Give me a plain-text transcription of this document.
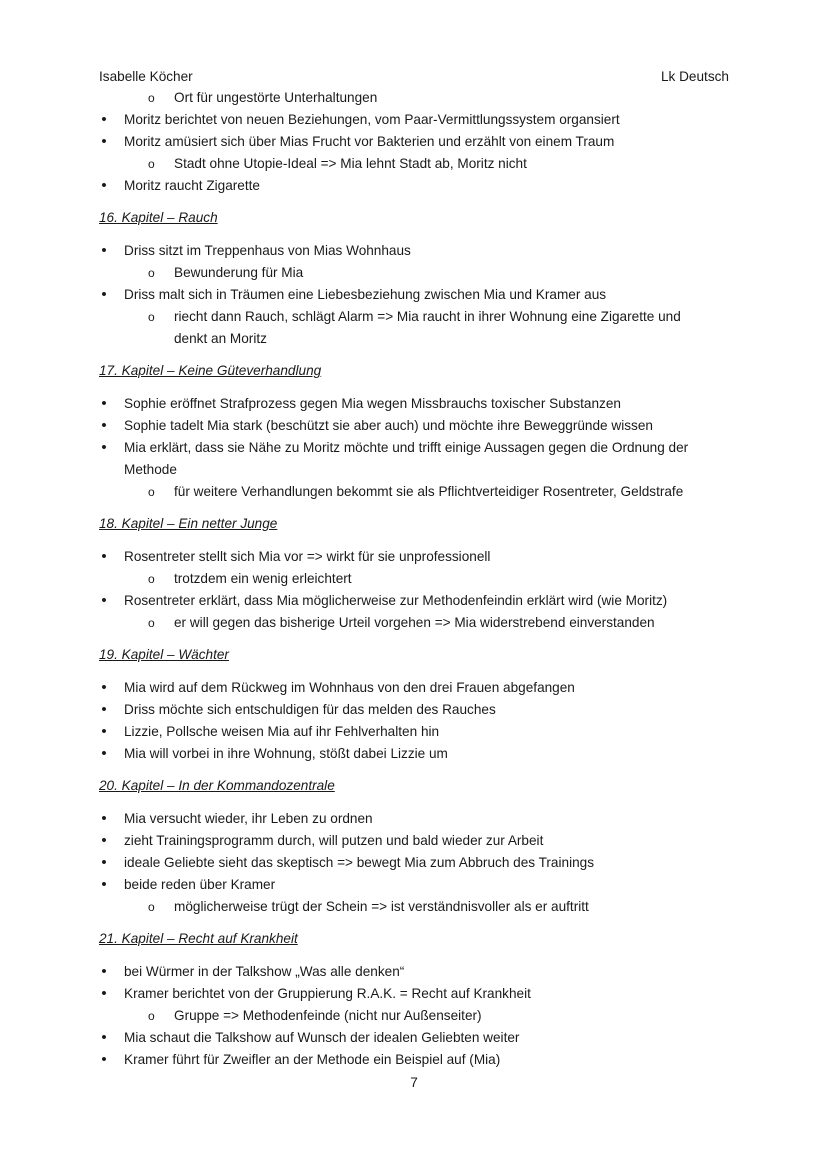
Isabelle Köcher	Lk Deutsch
o
Ort für ungestörte Unterhaltungen
•
Moritz berichtet von neuen Beziehungen, vom Paar-Vermittlungssystem organsiert
•
Moritz amüsiert sich über Mias Frucht vor Bakterien und erzählt von einem Traum
o
Stadt ohne Utopie-Ideal => Mia lehnt Stadt ab, Moritz nicht
•
Moritz raucht Zigarette
16. Kapitel – Rauch
•
Driss sitzt im Treppenhaus von Mias Wohnhaus
o
Bewunderung für Mia
•
Driss malt sich in Träumen eine Liebesbeziehung zwischen Mia und Kramer aus
o
riecht dann Rauch, schlägt Alarm => Mia raucht in ihrer Wohnung eine Zigarette und
denkt an Moritz
17. Kapitel – Keine Güteverhandlung
•
Sophie eröffnet Strafprozess gegen Mia wegen Missbrauchs toxischer Substanzen
•
Sophie tadelt Mia stark (beschützt sie aber auch) und möchte ihre Beweggründe wissen
•
Mia erklärt, dass sie Nähe zu Moritz möchte und trifft einige Aussagen gegen die Ordnung der
Methode
o
für weitere Verhandlungen bekommt sie als Pflichtverteidiger Rosentreter, Geldstrafe
18. Kapitel – Ein netter Junge
•
Rosentreter stellt sich Mia vor => wirkt für sie unprofessionell
o
trotzdem ein wenig erleichtert
•
Rosentreter erklärt, dass Mia möglicherweise zur Methodenfeindin erklärt wird (wie Moritz)
o
er will gegen das bisherige Urteil vorgehen => Mia widerstrebend einverstanden
19. Kapitel – Wächter
•
Mia wird auf dem Rückweg im Wohnhaus von den drei Frauen abgefangen
•
Driss möchte sich entschuldigen für das melden des Rauches
•
Lizzie, Pollsche weisen Mia auf ihr Fehlverhalten hin
•
Mia will vorbei in ihre Wohnung, stößt dabei Lizzie um
20. Kapitel – In der Kommandozentrale
•
Mia versucht wieder, ihr Leben zu ordnen
•
zieht Trainingsprogramm durch, will putzen und bald wieder zur Arbeit
•
ideale Geliebte sieht das skeptisch => bewegt Mia zum Abbruch des Trainings
•
beide reden über Kramer
o
möglicherweise trügt der Schein => ist verständnisvoller als er auftritt
21. Kapitel – Recht auf Krankheit
•
bei Würmer in der Talkshow „Was alle denken“
•
Kramer berichtet von der Gruppierung R.A.K. = Recht auf Krankheit
o
Gruppe => Methodenfeinde (nicht nur Außenseiter)
•
Mia schaut die Talkshow auf Wunsch der idealen Geliebten weiter
•
Kramer führt für Zweifler an der Methode ein Beispiel auf (Mia)
7
